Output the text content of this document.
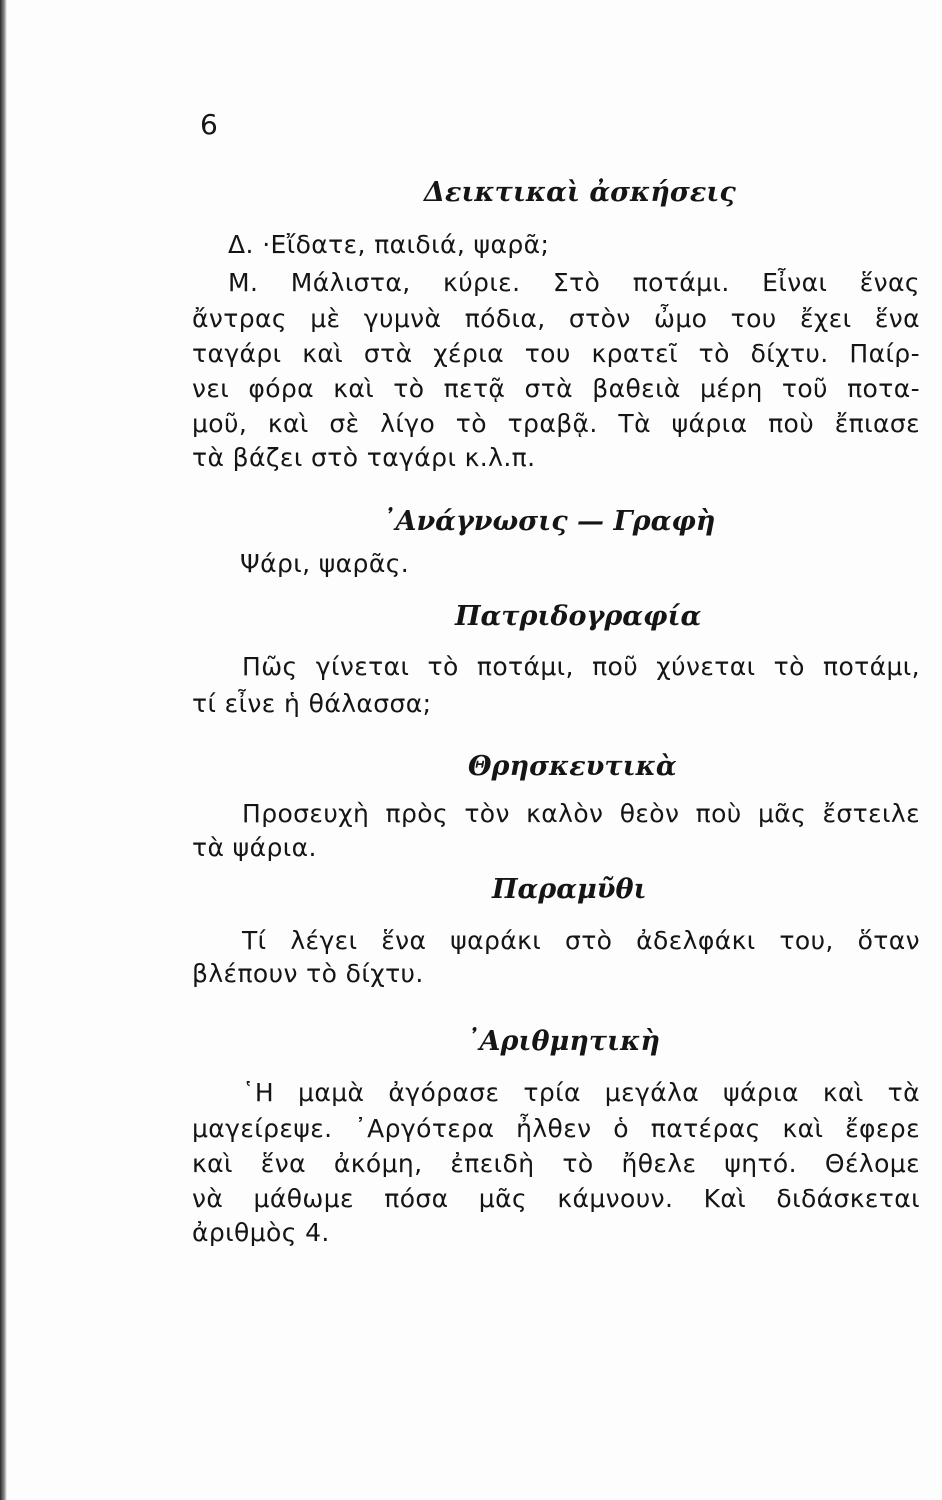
6
Δεικτικαὶ ἀσκήσεις
Δ. ·Εἴδατε, παιδιά, ψαρᾶ;
Μ. Μάλιστα, κύριε. Στὸ ποτάμι. Εἶναι ἕνας
ἄντρας μὲ γυμνὰ πόδια, στὸν ὦμο του ἔχει ἕνα
ταγάρι καὶ στὰ χέρια του κρατεῖ τὸ δίχτυ. Παίρ-
νει φόρα καὶ τὸ πετᾷ στὰ βαθειὰ μέρη τοῦ ποτα-
μοῦ, καὶ σὲ λίγο τὸ τραβᾷ. Τὰ ψάρια ποὺ ἔπιασε
τὰ βάζει στὸ ταγάρι κ.λ.π.
᾿Ανάγνωσις — Γραφὴ
Ψάρι, ψαρᾶς.
Πατριδογραφία
Πῶς γίνεται τὸ ποτάμι, ποῦ χύνεται τὸ ποτάμι,
τί εἶνε ἡ θάλασσα;
Θρησκευτικὰ
Προσευχὴ πρὸς τὸν καλὸν θεὸν ποὺ μᾶς ἔστειλε
τὰ ψάρια.
Παραμῦθι
Τί λέγει ἕνα ψαράκι στὸ ἀδελφάκι του, ὅταν
βλέπουν τὸ δίχτυ.
᾿Αριθμητικὴ
῾Η μαμὰ ἀγόρασε τρία μεγάλα ψάρια καὶ τὰ
μαγείρεψε. ᾿Αργότερα ἦλθεν ὁ πατέρας καὶ ἔφερε
καὶ ἕνα ἀκόμη, ἐπειδὴ τὸ ἤθελε ψητό. Θέλομε
νὰ μάθωμε πόσα μᾶς κάμνουν. Καὶ διδάσκεται
ἀριθμὸς 4.
